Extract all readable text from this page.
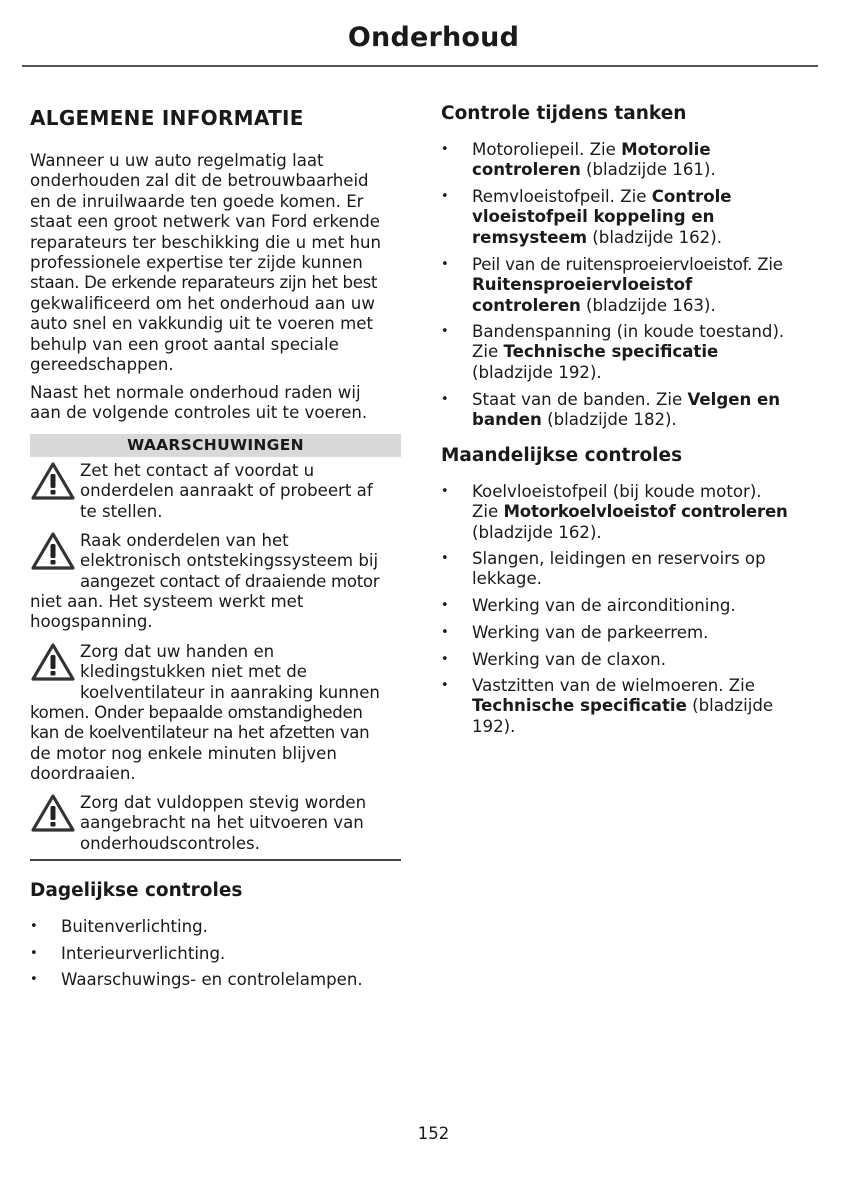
Onderhoud
ALGEMENE INFORMATIE
Wanneer u uw auto regelmatig laat
onderhouden zal dit de betrouwbaarheid
en de inruilwaarde ten goede komen. Er
staat een groot netwerk van Ford erkende
reparateurs ter beschikking die u met hun
professionele expertise ter zijde kunnen
staan. De erkende reparateurs zijn het best
gekwalificeerd om het onderhoud aan uw
auto snel en vakkundig uit te voeren met
behulp van een groot aantal speciale
gereedschappen.
Naast het normale onderhoud raden wij
aan de volgende controles uit te voeren.
WAARSCHUWINGEN
Zet het contact af voordat u
onderdelen aanraakt of probeert af
te stellen.
Raak onderdelen van het
elektronisch ontstekingssysteem bij
aangezet contact of draaiende motor
niet aan. Het systeem werkt met
hoogspanning.
Zorg dat uw handen en
kledingstukken niet met de
koelventilateur in aanraking kunnen
komen. Onder bepaalde omstandigheden
kan de koelventilateur na het afzetten van
de motor nog enkele minuten blijven
doordraaien.
Zorg dat vuldoppen stevig worden
aangebracht na het uitvoeren van
onderhoudscontroles.
Dagelijkse controles
• Buitenverlichting.
• Interieurverlichting.
• Waarschuwings- en controlelampen.
Controle tijdens tanken
• Motoroliepeil. Zie Motorolie
controleren (bladzijde 161).
• Remvloeistofpeil. Zie Controle
vloeistofpeil koppeling en
remsysteem (bladzijde 162).
• Peil van de ruitensproeiervloeistof. Zie
Ruitensproeiervloeistof
controleren (bladzijde 163).
• Bandenspanning (in koude toestand).
Zie Technische specificatie
(bladzijde 192).
• Staat van de banden. Zie Velgen en
banden (bladzijde 182).
Maandelijkse controles
• Koelvloeistofpeil (bij koude motor).
Zie Motorkoelvloeistof controleren
(bladzijde 162).
• Slangen, leidingen en reservoirs op
lekkage.
• Werking van de airconditioning.
• Werking van de parkeerrem.
• Werking van de claxon.
• Vastzitten van de wielmoeren. Zie
Technische specificatie (bladzijde
192).
152
